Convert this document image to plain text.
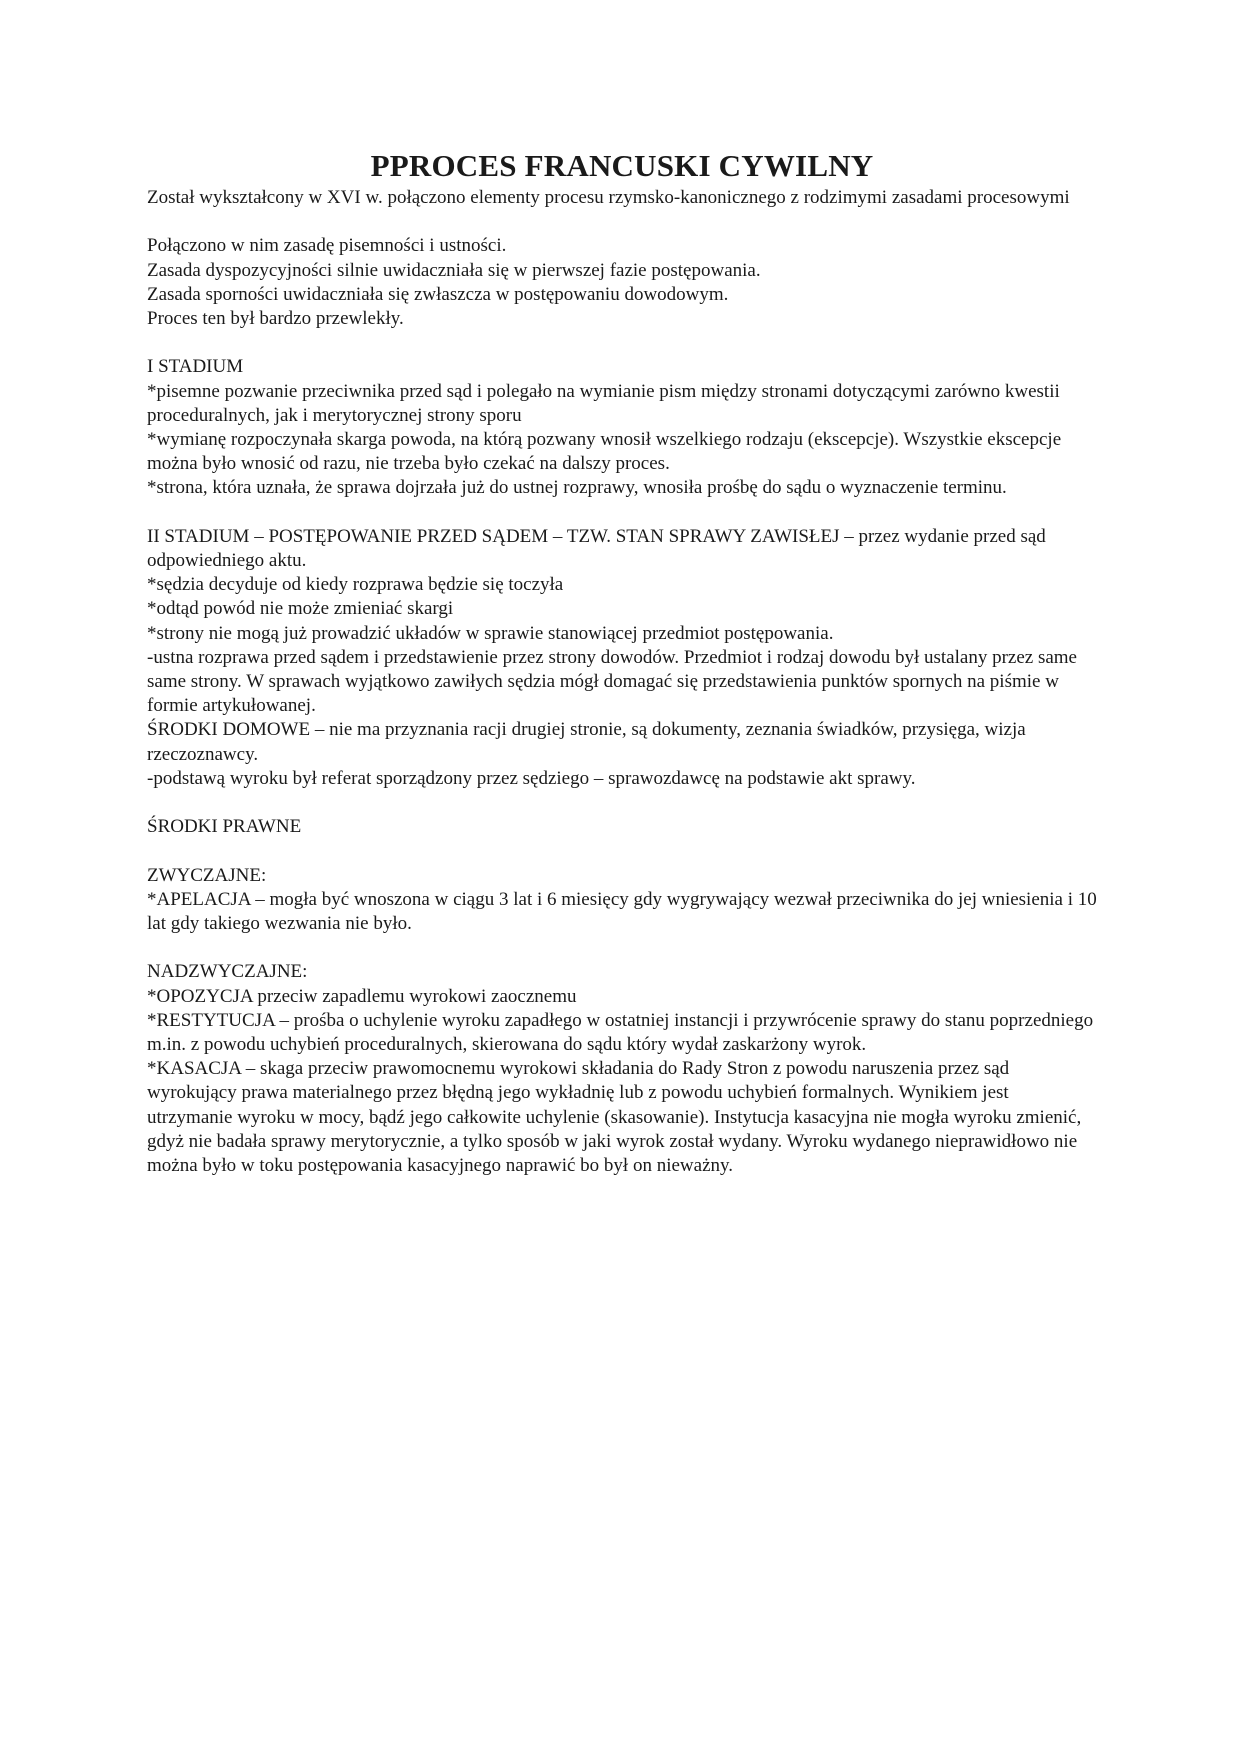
PPROCES FRANCUSKI CYWILNY

Został wykształcony w XVI w. połączono elementy procesu rzymsko-kanonicznego z rodzimymi zasadami procesowymi

Połączono w nim zasadę pisemności i ustności.

Zasada dyspozycyjności silnie uwidaczniała się w pierwszej fazie postępowania.

Zasada sporności uwidaczniała się zwłaszcza w postępowaniu dowodowym.

Proces ten był bardzo przewlekły.

I STADIUM

*pisemne pozwanie przeciwnika przed sąd i polegało na wymianie pism między stronami dotyczącymi zarówno kwestii proceduralnych, jak i merytorycznej strony sporu

*wymianę rozpoczynała skarga powoda, na którą pozwany wnosił wszelkiego rodzaju (ekscepcje). Wszystkie ekscepcje można było wnosić od razu, nie trzeba było czekać na dalszy proces.

*strona, która uznała, że sprawa dojrzała już do ustnej rozprawy, wnosiła prośbę do sądu o wyznaczenie terminu.

II STADIUM – POSTĘPOWANIE PRZED SĄDEM – TZW. STAN SPRAWY ZAWISŁEJ – przez wydanie przed sąd odpowiedniego aktu.

*sędzia decyduje od kiedy rozprawa będzie się toczyła

*odtąd powód nie może zmieniać skargi

*strony nie mogą już prowadzić układów w sprawie stanowiącej przedmiot postępowania.

-ustna rozprawa przed sądem i przedstawienie przez strony dowodów. Przedmiot i rodzaj dowodu był ustalany przez same same strony. W sprawach wyjątkowo zawiłych sędzia mógł domagać się przedstawienia punktów spornych na piśmie w formie artykułowanej.

ŚRODKI DOMOWE – nie ma przyznania racji drugiej stronie, są dokumenty, zeznania świadków, przysięga, wizja rzeczoznawcy.

-podstawą wyroku był referat sporządzony przez sędziego – sprawozdawcę na podstawie akt sprawy.

ŚRODKI PRAWNE

ZWYCZAJNE:

*APELACJA – mogła być wnoszona w ciągu 3 lat i 6 miesięcy gdy wygrywający wezwał przeciwnika do jej wniesienia i 10 lat gdy takiego wezwania nie było.

NADZWYCZAJNE:

*OPOZYCJA przeciw zapadlemu wyrokowi zaocznemu

*RESTYTUCJA – prośba o uchylenie wyroku zapadłego w ostatniej instancji i przywrócenie sprawy do stanu poprzedniego m.in. z powodu uchybień proceduralnych, skierowana do sądu który wydał zaskarżony wyrok.

*KASACJA – skaga przeciw prawomocnemu wyrokowi składania do Rady Stron z powodu naruszenia przez sąd wyrokujący prawa materialnego przez błędną jego wykładnię lub z powodu uchybień formalnych. Wynikiem jest utrzymanie wyroku w mocy, bądź jego całkowite uchylenie (skasowanie). Instytucja kasacyjna nie mogła wyroku zmienić, gdyż nie badała sprawy merytorycznie, a tylko sposób w jaki wyrok został wydany. Wyroku wydanego nieprawidłowo nie można było w toku postępowania kasacyjnego naprawić bo był on nieważny.
